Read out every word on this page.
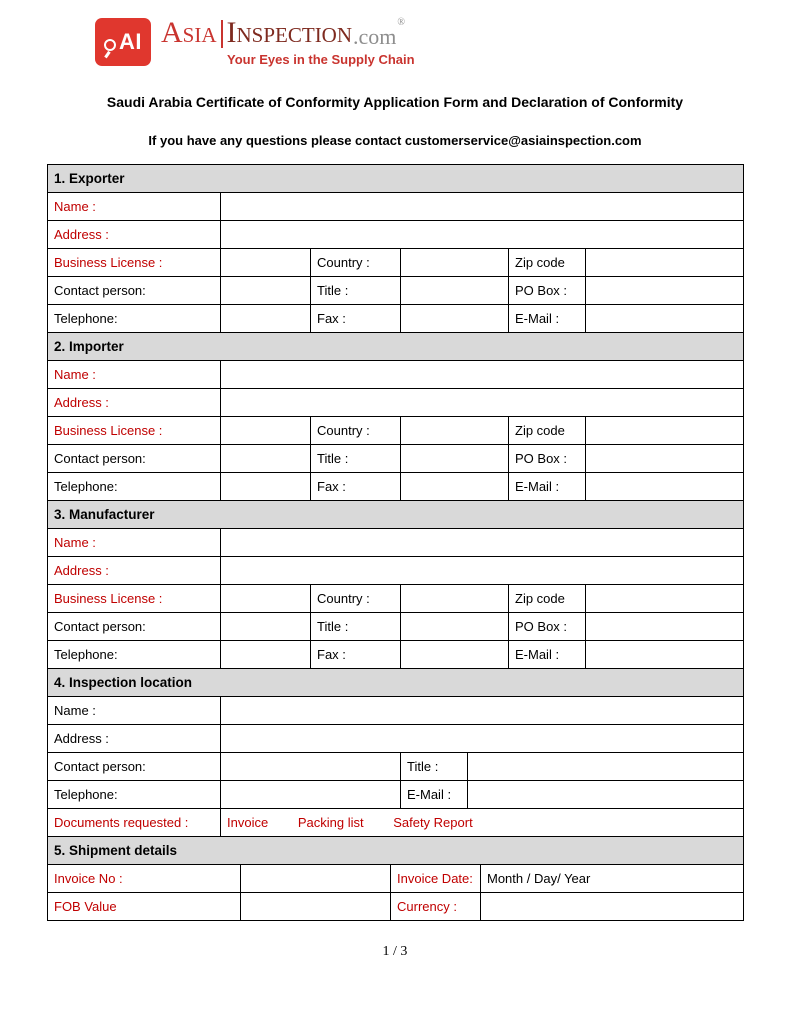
AI Asia Inspection .com
®
Your Eyes in the Supply Chain
Saudi Arabia Certificate of Conformity Application Form and Declaration of Conformity

If you have any questions please contact customerservice@asiainspection.com

1. Exporter					
Name :					
Address :					
Business License :		Country :		Zip code	
Contact person:		Title :		PO Box :	
Telephone:		Fax :		E-Mail :	
2. Importer					
Name :					
Address :					
Business License :		Country :		Zip code	
Contact person:		Title :		PO Box :	
Telephone:		Fax :		E-Mail :	
3. Manufacturer					
Name :					
Address :					
Business License :		Country :		Zip code	
Contact person:		Title :		PO Box :	
Telephone:		Fax :		E-Mail :	
4. Inspection location			
Name :			
Address :			
Contact person:		Title :	
Telephone:		E-Mail :	
Documents requested :	Invoice Packing list Safety Report		
5. Shipment details			
Invoice No :		Invoice Date:	Month / Day/ Year
FOB Value		Currency :	
1 / 3
